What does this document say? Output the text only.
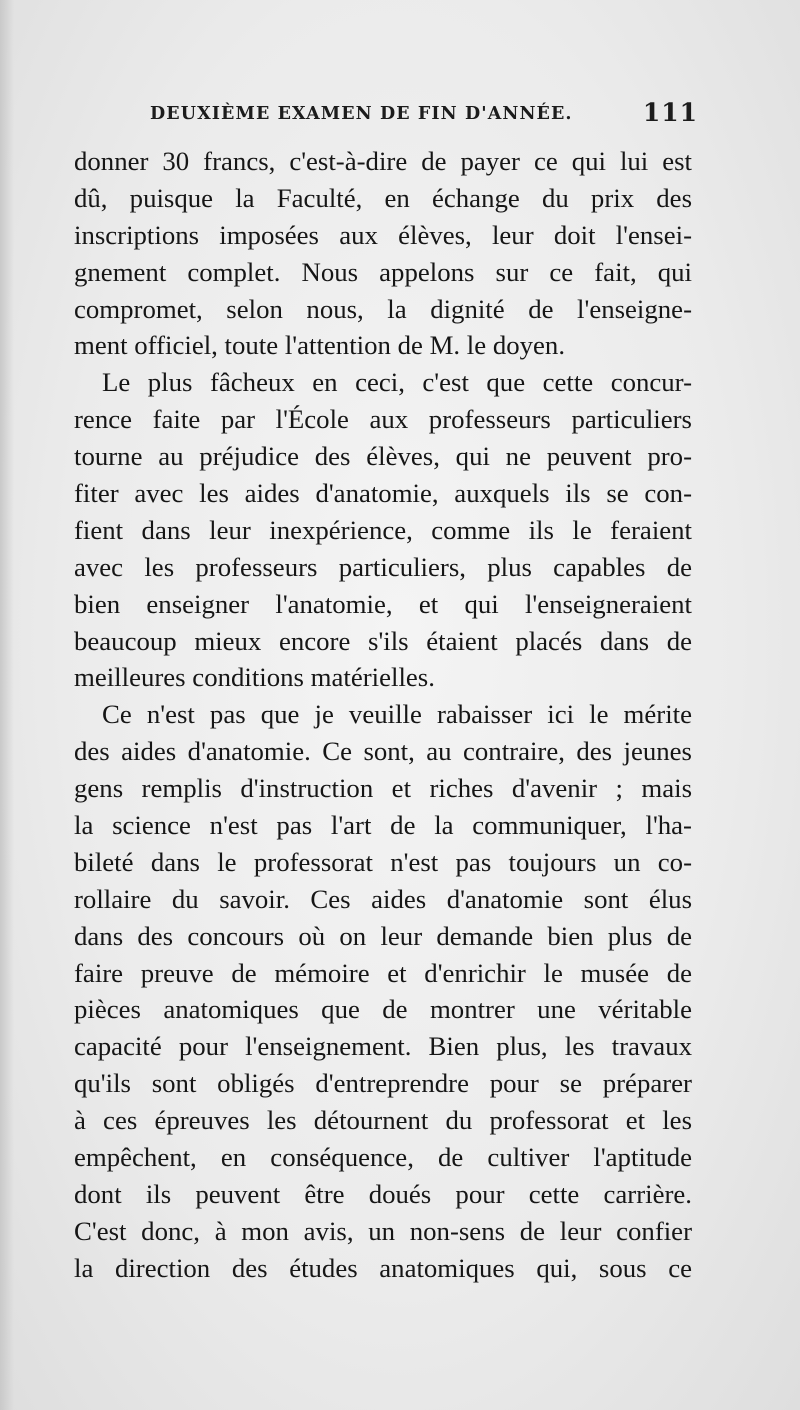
DEUXIÈME EXAMEN DE FIN D'ANNÉE.	111
donner 30 francs, c'est-à-dire de payer ce qui lui est
dû, puisque la Faculté, en échange du prix des
inscriptions imposées aux élèves, leur doit l'ensei-
gnement complet. Nous appelons sur ce fait, qui
compromet, selon nous, la dignité de l'enseigne-
ment officiel, toute l'attention de M. le doyen.
Le plus fâcheux en ceci, c'est que cette concur-
rence faite par l'École aux professeurs particuliers
tourne au préjudice des élèves, qui ne peuvent pro-
fiter avec les aides d'anatomie, auxquels ils se con-
fient dans leur inexpérience, comme ils le feraient
avec les professeurs particuliers, plus capables de
bien enseigner l'anatomie, et qui l'enseigneraient
beaucoup mieux encore s'ils étaient placés dans de
meilleures conditions matérielles.
Ce n'est pas que je veuille rabaisser ici le mérite
des aides d'anatomie. Ce sont, au contraire, des jeunes
gens remplis d'instruction et riches d'avenir ; mais
la science n'est pas l'art de la communiquer, l'ha-
bileté dans le professorat n'est pas toujours un co-
rollaire du savoir. Ces aides d'anatomie sont élus
dans des concours où on leur demande bien plus de
faire preuve de mémoire et d'enrichir le musée de
pièces anatomiques que de montrer une véritable
capacité pour l'enseignement. Bien plus, les travaux
qu'ils sont obligés d'entreprendre pour se préparer
à ces épreuves les détournent du professorat et les
empêchent, en conséquence, de cultiver l'aptitude
dont ils peuvent être doués pour cette carrière.
C'est donc, à mon avis, un non-sens de leur confier
la direction des études anatomiques qui, sous ce
